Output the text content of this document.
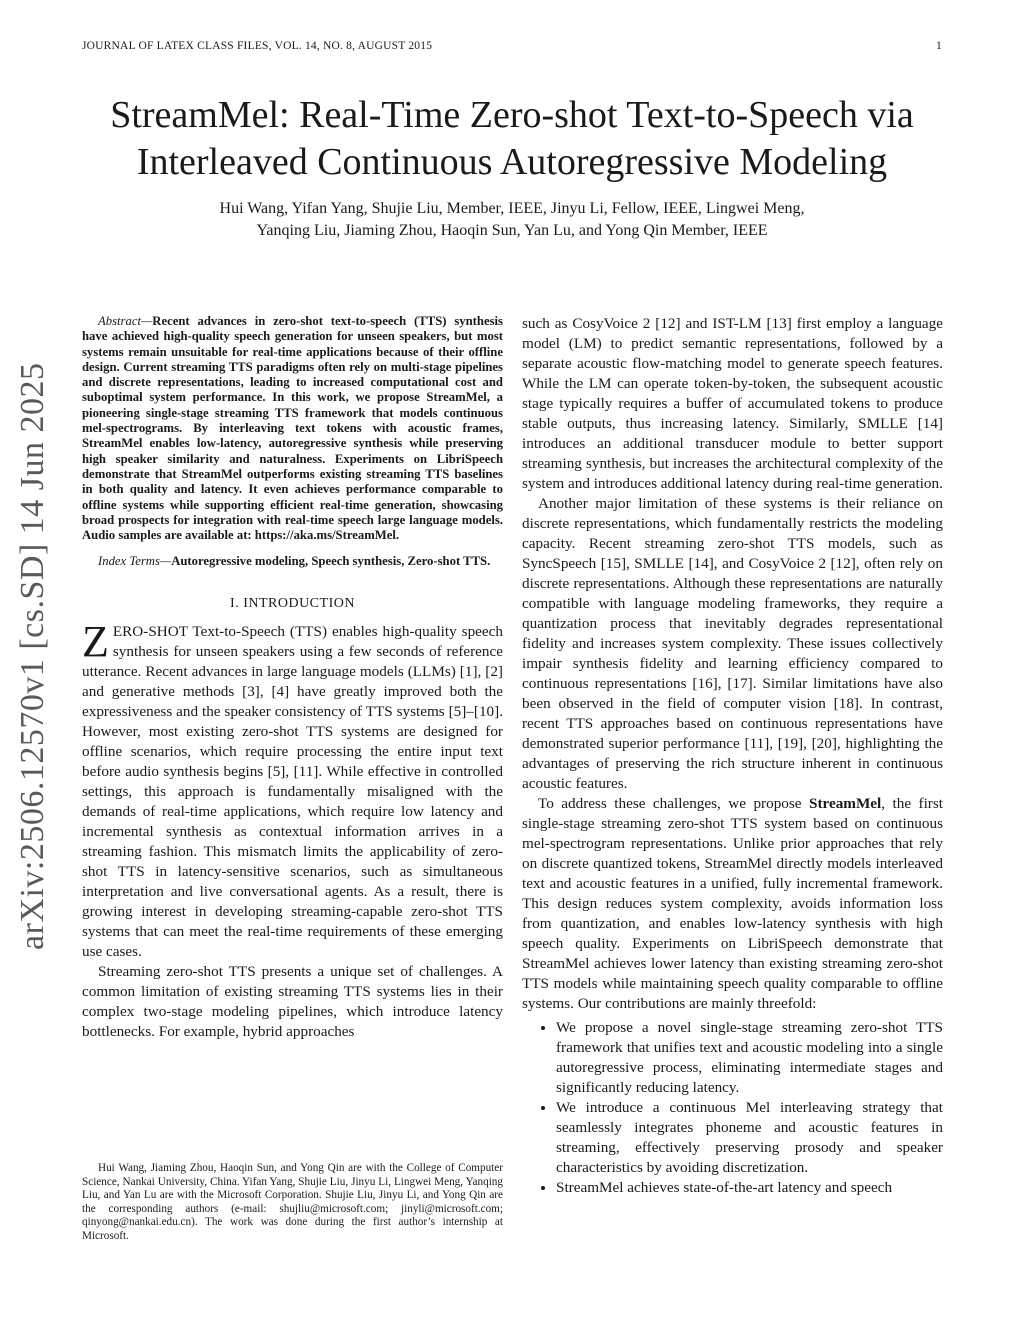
JOURNAL OF LATEX CLASS FILES, VOL. 14, NO. 8, AUGUST 2015	1
arXiv:2506.12570v1 [cs.SD] 14 Jun 2025
StreamMel: Real-Time Zero-shot Text-to-Speech via
Interleaved Continuous Autoregressive Modeling
Hui Wang, Yifan Yang, Shujie Liu, Member, IEEE, Jinyu Li, Fellow, IEEE, Lingwei Meng,
Yanqing Liu, Jiaming Zhou, Haoqin Sun, Yan Lu, and Yong Qin Member, IEEE
Abstract—Recent advances in zero-shot text-to-speech (TTS) synthesis have achieved high-quality speech generation for unseen speakers, but most systems remain unsuitable for real-time applications because of their offline design. Current streaming TTS paradigms often rely on multi-stage pipelines and discrete representations, leading to increased computational cost and suboptimal system performance. In this work, we propose StreamMel, a pioneering single-stage streaming TTS framework that models continuous mel-spectrograms. By interleaving text tokens with acoustic frames, StreamMel enables low-latency, autoregressive synthesis while preserving high speaker similarity and naturalness. Experiments on LibriSpeech demonstrate that StreamMel outperforms existing streaming TTS baselines in both quality and latency. It even achieves performance comparable to offline systems while supporting efficient real-time generation, showcasing broad prospects for integration with real-time speech large language models. Audio samples are available at: https://aka.ms/StreamMel.
Index Terms—Autoregressive modeling, Speech synthesis, Zero-shot TTS.
I. INTRODUCTION

ZERO-SHOT Text-to-Speech (TTS) enables high-quality speech synthesis for unseen speakers using a few seconds of reference utterance. Recent advances in large language models (LLMs) [1], [2] and generative methods [3], [4] have greatly improved both the expressiveness and the speaker consistency of TTS systems [5]–[10]. However, most existing zero-shot TTS systems are designed for offline scenarios, which require processing the entire input text before audio synthesis begins [5], [11]. While effective in controlled settings, this approach is fundamentally misaligned with the demands of real-time applications, which require low latency and incremental synthesis as contextual information arrives in a streaming fashion. This mismatch limits the applicability of zero-shot TTS in latency-sensitive scenarios, such as simultaneous interpretation and live conversational agents. As a result, there is growing interest in developing streaming-capable zero-shot TTS systems that can meet the real-time requirements of these emerging use cases.

Streaming zero-shot TTS presents a unique set of challenges. A common limitation of existing streaming TTS systems lies in their complex two-stage modeling pipelines, which introduce latency bottlenecks. For example, hybrid approaches

Hui Wang, Jiaming Zhou, Haoqin Sun, and Yong Qin are with the College of Computer Science, Nankai University, China. Yifan Yang, Shujie Liu, Jinyu Li, Lingwei Meng, Yanqing Liu, and Yan Lu are with the Microsoft Corporation. Shujie Liu, Jinyu Li, and Yong Qin are the corresponding authors (e-mail: shujliu@microsoft.com; jinyli@microsoft.com; qinyong@nankai.edu.cn). The work was done during the first author’s internship at Microsoft.

such as CosyVoice 2 [12] and IST-LM [13] first employ a language model (LM) to predict semantic representations, followed by a separate acoustic flow-matching model to generate speech features. While the LM can operate token-by-token, the subsequent acoustic stage typically requires a buffer of accumulated tokens to produce stable outputs, thus increasing latency. Similarly, SMLLE [14] introduces an additional transducer module to better support streaming synthesis, but increases the architectural complexity of the system and introduces additional latency during real-time generation.

Another major limitation of these systems is their reliance on discrete representations, which fundamentally restricts the modeling capacity. Recent streaming zero-shot TTS models, such as SyncSpeech [15], SMLLE [14], and CosyVoice 2 [12], often rely on discrete representations. Although these representations are naturally compatible with language modeling frameworks, they require a quantization process that inevitably degrades representational fidelity and increases system complexity. These issues collectively impair synthesis fidelity and learning efficiency compared to continuous representations [16], [17]. Similar limitations have also been observed in the field of computer vision [18]. In contrast, recent TTS approaches based on continuous representations have demonstrated superior performance [11], [19], [20], highlighting the advantages of preserving the rich structure inherent in continuous acoustic features.

To address these challenges, we propose StreamMel, the first single-stage streaming zero-shot TTS system based on continuous mel-spectrogram representations. Unlike prior approaches that rely on discrete quantized tokens, StreamMel directly models interleaved text and acoustic features in a unified, fully incremental framework. This design reduces system complexity, avoids information loss from quantization, and enables low-latency synthesis with high speech quality. Experiments on LibriSpeech demonstrate that StreamMel achieves lower latency than existing streaming zero-shot TTS models while maintaining speech quality comparable to offline systems. Our contributions are mainly threefold:

• We propose a novel single-stage streaming zero-shot TTS framework that unifies text and acoustic modeling into a single autoregressive process, eliminating intermediate stages and significantly reducing latency.
• We introduce a continuous Mel interleaving strategy that seamlessly integrates phoneme and acoustic features in streaming, effectively preserving prosody and speaker characteristics by avoiding discretization.
• StreamMel achieves state-of-the-art latency and speech
